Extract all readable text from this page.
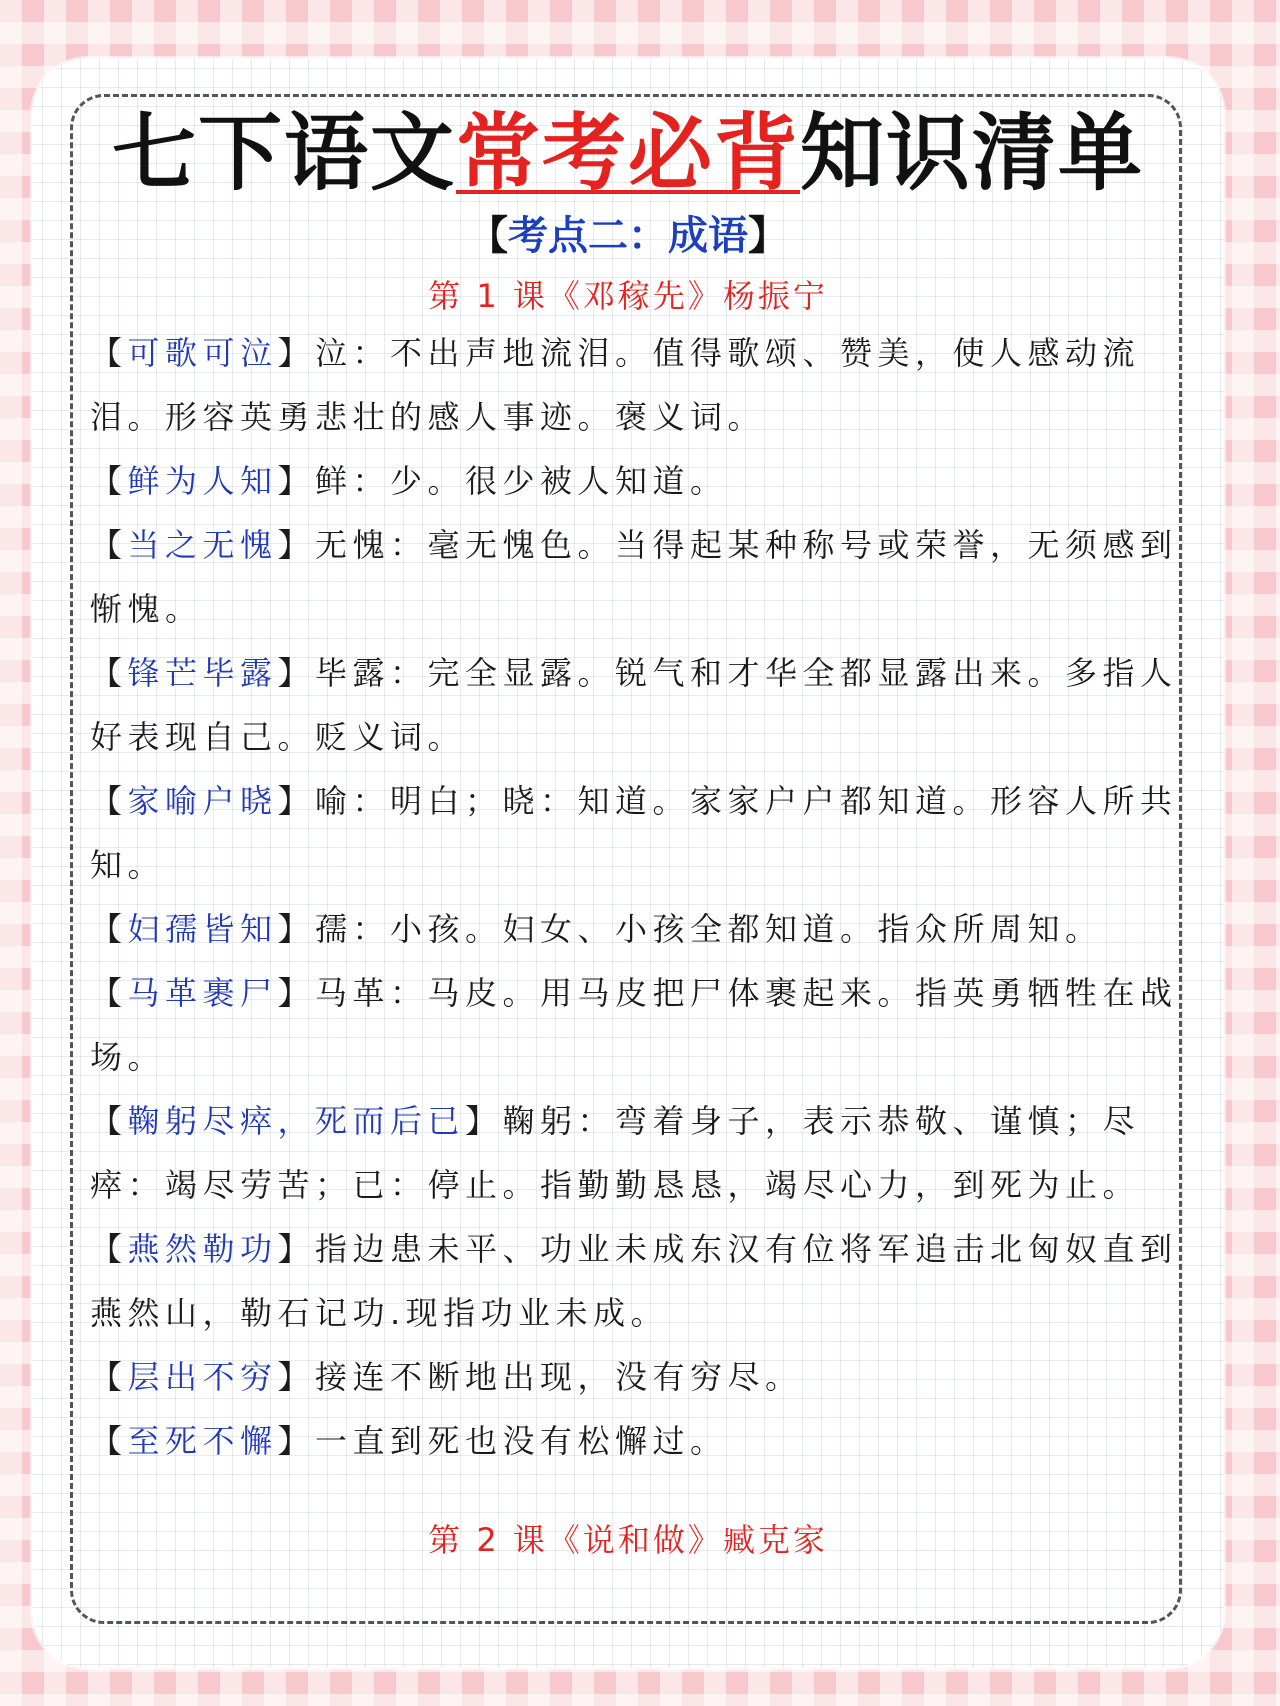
七下语文常考必背知识清单
【考点二：成语】
第 1 课《邓稼先》杨振宁

【可歌可泣】泣：不出声地流泪。值得歌颂、赞美，使人感动流泪。形容英勇悲壮的感人事迹。褒义词。

【鲜为人知】鲜：少。很少被人知道。

【当之无愧】无愧：毫无愧色。当得起某种称号或荣誉，无须感到惭愧。

【锋芒毕露】毕露：完全显露。锐气和才华全都显露出来。多指人好表现自己。贬义词。

【家喻户晓】喻：明白；晓：知道。家家户户都知道。形容人所共知。

【妇孺皆知】孺：小孩。妇女、小孩全都知道。指众所周知。

【马革裹尸】马革：马皮。用马皮把尸体裹起来。指英勇牺牲在战场。

【鞠躬尽瘁，死而后已】鞠躬：弯着身子，表示恭敬、谨慎；尽瘁：竭尽劳苦；已：停止。指勤勤恳恳，竭尽心力，到死为止。

【燕然勒功】指边患未平、功业未成东汉有位将军追击北匈奴直到燕然山，勒石记功.现指功业未成。

【层出不穷】接连不断地出现，没有穷尽。

【至死不懈】一直到死也没有松懈过。

第 2 课《说和做》臧克家
